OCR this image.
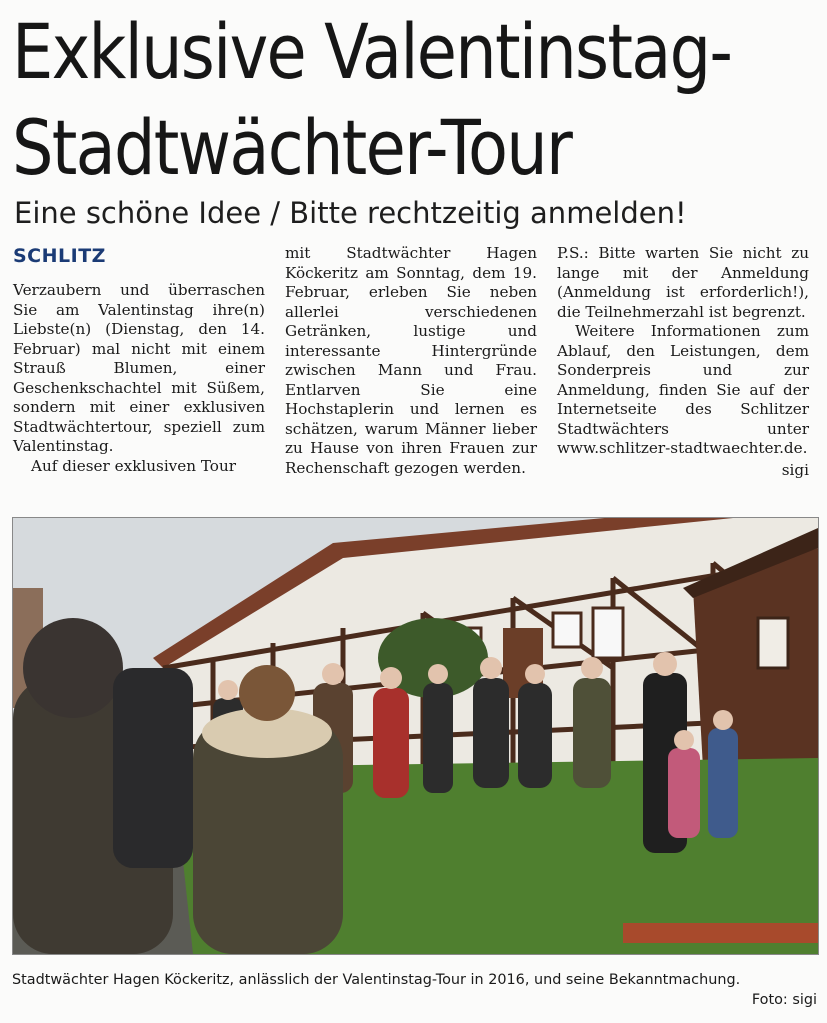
Exklusive Valentinstag-
Stadtwächter-Tour
Eine schöne Idee / Bitte rechtzeitig anmelden!

SCHLITZ

Verzaubern und überraschen Sie am Valentinstag ihre(n) Liebste(n) (Dienstag, den 14. Februar) mal nicht mit einem Strauß Blumen, einer Geschenkschachtel mit Süßem, sondern mit einer exklusiven Stadtwächtertour, speziell zum Valentinstag.

Auf dieser exklusiven Tour

mit Stadtwächter Hagen Köckeritz am Sonntag, dem 19. Februar, erleben Sie neben allerlei verschiedenen Getränken, lustige und interessante Hintergründe zwischen Mann und Frau. Entlarven Sie eine Hochstaplerin und lernen es schätzen, warum Männer lieber zu Hause von ihren Frauen zur Rechenschaft gezogen werden.

P.S.: Bitte warten Sie nicht zu lange mit der Anmeldung (Anmeldung ist erforderlich!), die Teilnehmerzahl ist begrenzt.

Weitere Informationen zum Ablauf, den Leistungen, dem Sonderpreis und zur Anmeldung, finden Sie auf der Internetseite des Schlitzer Stadtwächters unter www.schlitzer-stadtwaechter.de.

sigi

Stadtwächter Hagen Köckeritz, anlässlich der Valentinstag-Tour in 2016, und seine Bekanntmachung.
Foto: sigi
